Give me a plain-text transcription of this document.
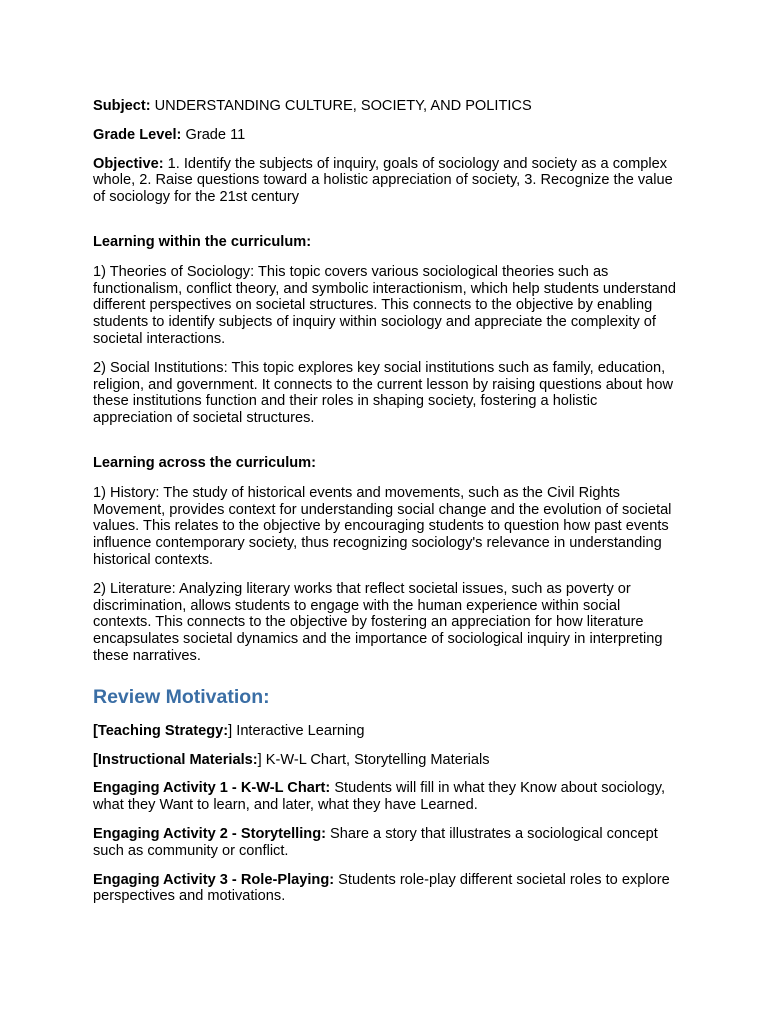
Subject: UNDERSTANDING CULTURE, SOCIETY, AND POLITICS

Grade Level: Grade 11

Objective: 1. Identify the subjects of inquiry, goals of sociology and society as a complex whole, 2. Raise questions toward a holistic appreciation of society, 3. Recognize the value of sociology for the 21st century

Learning within the curriculum:

1) Theories of Sociology: This topic covers various sociological theories such as functionalism, conflict theory, and symbolic interactionism, which help students understand different perspectives on societal structures. This connects to the objective by enabling students to identify subjects of inquiry within sociology and appreciate the complexity of societal interactions.

2) Social Institutions: This topic explores key social institutions such as family, education, religion, and government. It connects to the current lesson by raising questions about how these institutions function and their roles in shaping society, fostering a holistic appreciation of societal structures.

Learning across the curriculum:

1) History: The study of historical events and movements, such as the Civil Rights Movement, provides context for understanding social change and the evolution of societal values. This relates to the objective by encouraging students to question how past events influence contemporary society, thus recognizing sociology's relevance in understanding historical contexts.

2) Literature: Analyzing literary works that reflect societal issues, such as poverty or discrimination, allows students to engage with the human experience within social contexts. This connects to the objective by fostering an appreciation for how literature encapsulates societal dynamics and the importance of sociological inquiry in interpreting these narratives.

Review Motivation:

[Teaching Strategy:] Interactive Learning

[Instructional Materials:] K-W-L Chart, Storytelling Materials

Engaging Activity 1 - K-W-L Chart: Students will fill in what they Know about sociology, what they Want to learn, and later, what they have Learned.

Engaging Activity 2 - Storytelling: Share a story that illustrates a sociological concept such as community or conflict.

Engaging Activity 3 - Role-Playing: Students role-play different societal roles to explore perspectives and motivations.
